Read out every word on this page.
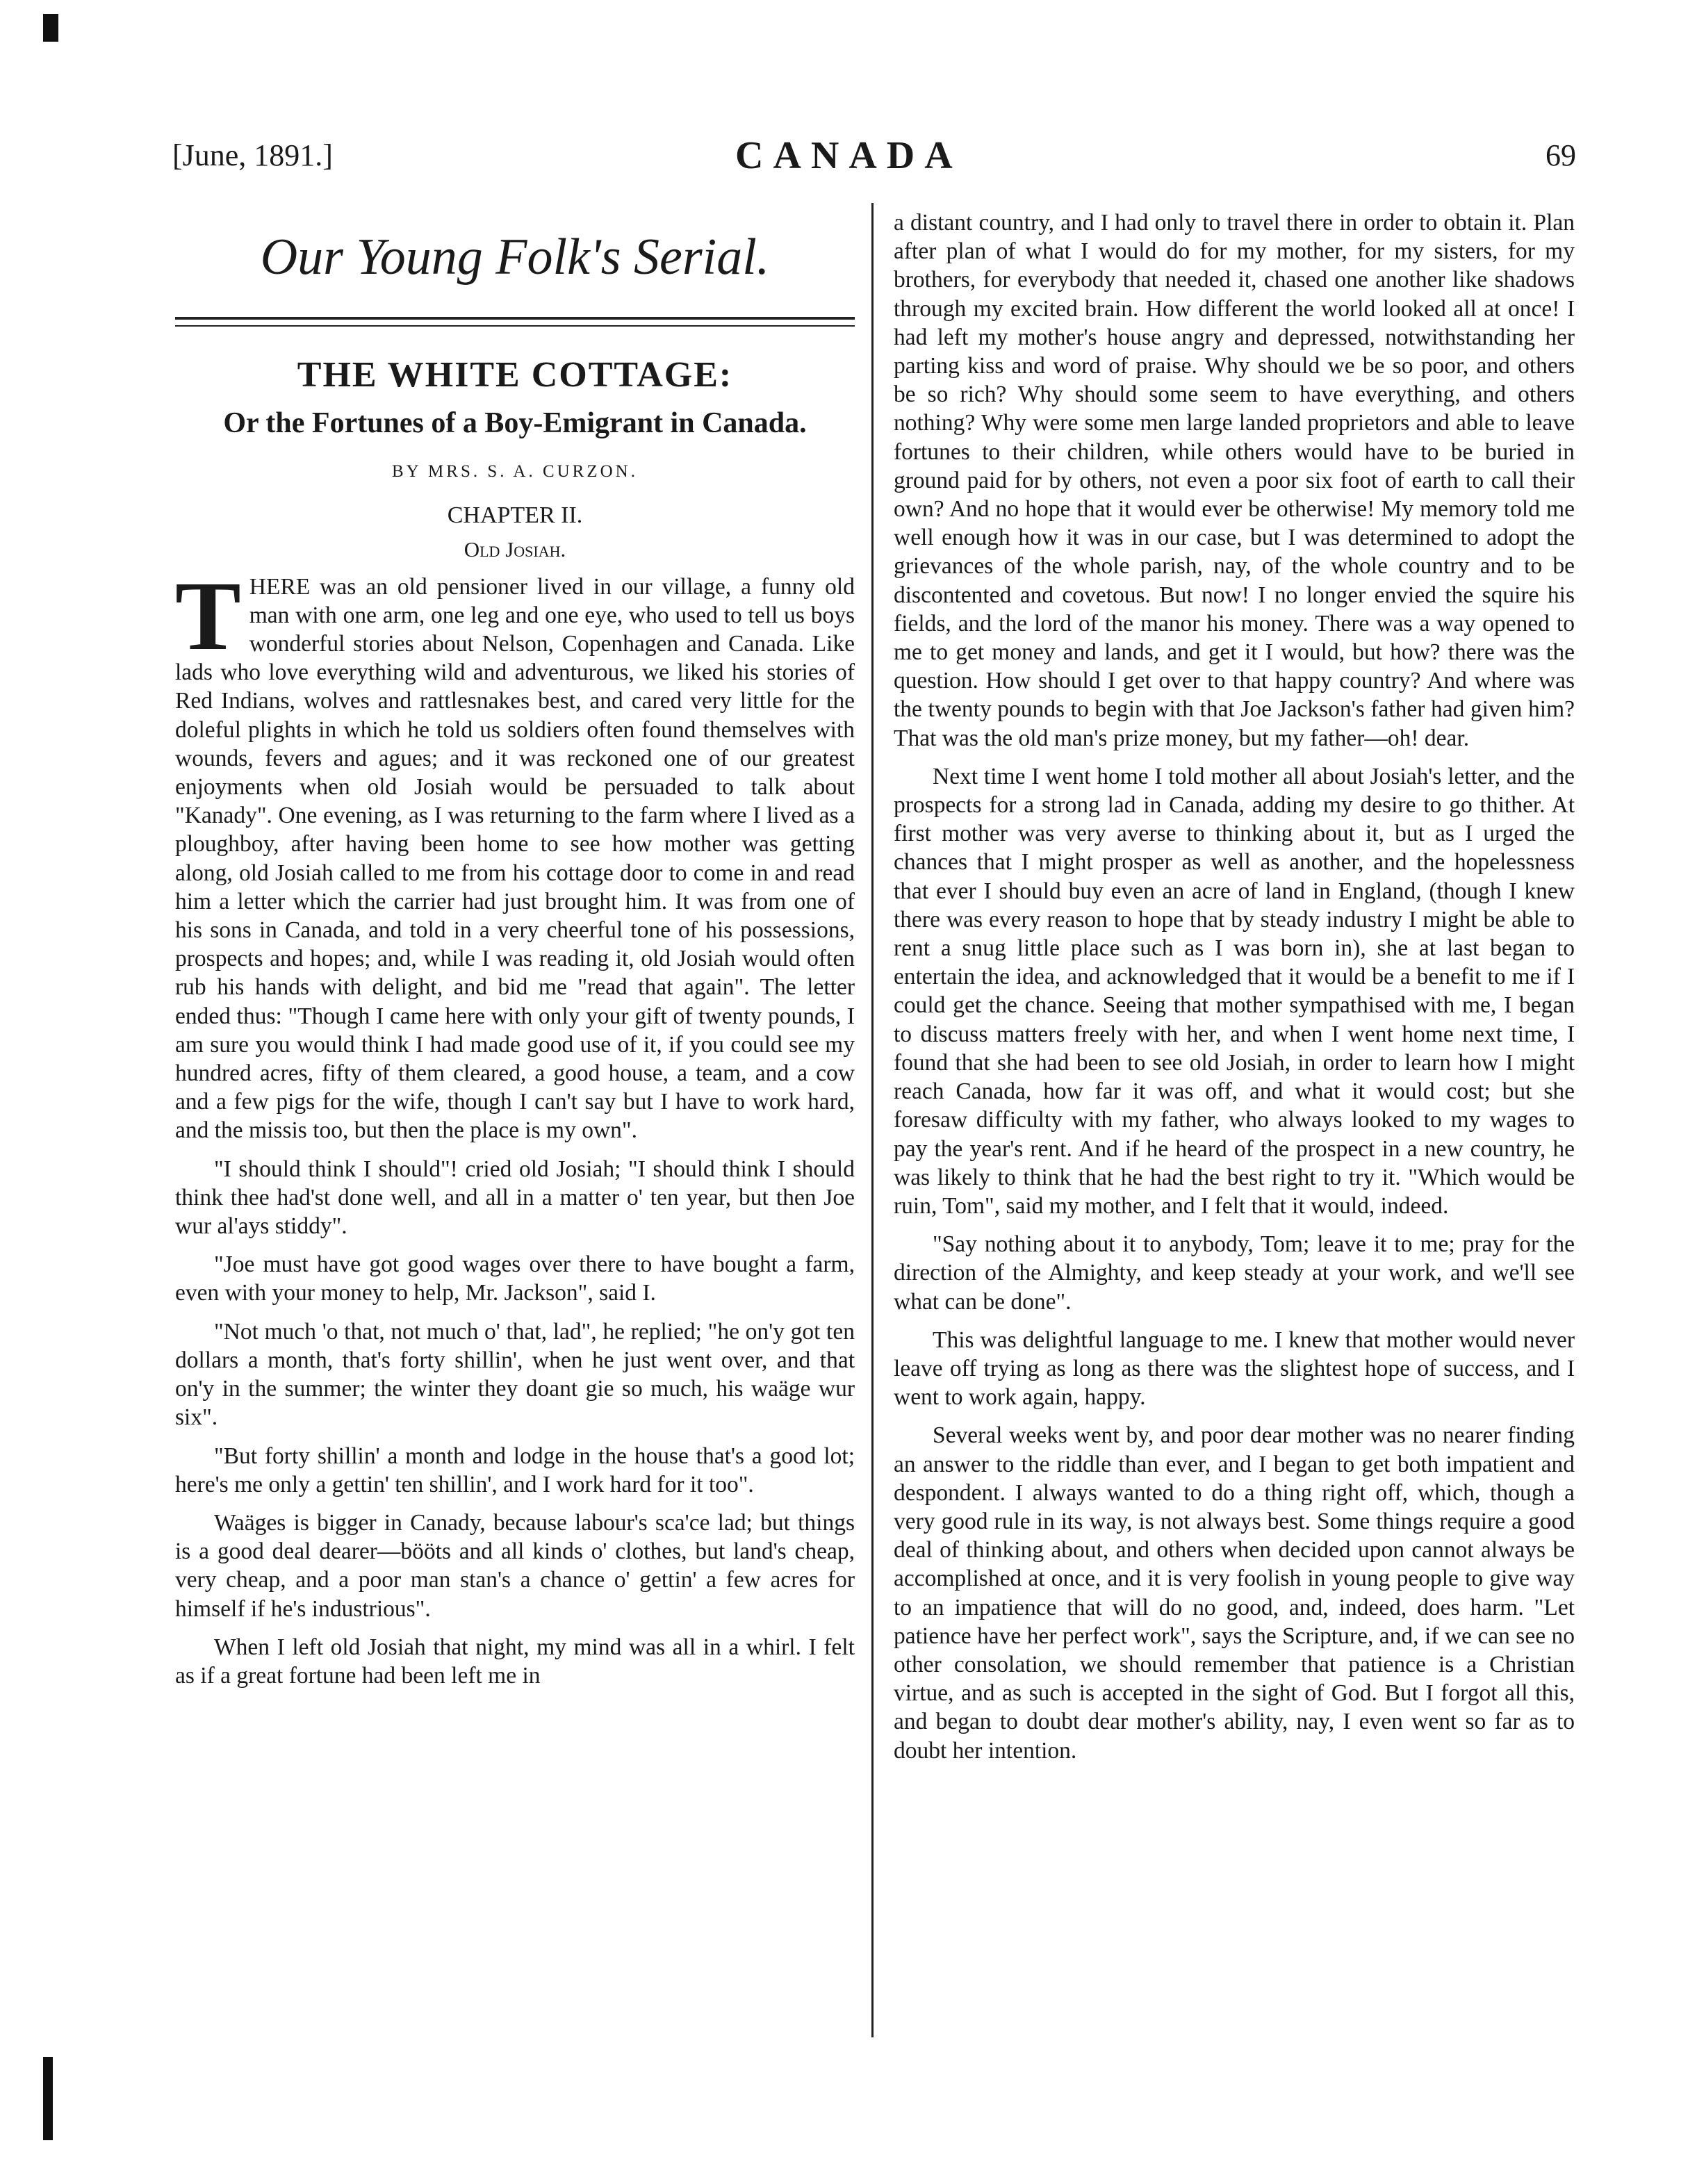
[June, 1891.]	CANADA	69
Our Young Folk's Serial.
THE WHITE COTTAGE:
Or the Fortunes of a Boy-Emigrant in Canada.
BY MRS. S. A. CURZON.
CHAPTER II.
Old Josiah.

THERE was an old pensioner lived in our village, a funny old man with one arm, one leg and one eye, who used to tell us boys wonderful stories about Nelson, Copenhagen and Canada. Like lads who love everything wild and adventurous, we liked his stories of Red Indians, wolves and rattlesnakes best, and cared very little for the doleful plights in which he told us soldiers often found themselves with wounds, fevers and agues; and it was reckoned one of our greatest enjoyments when old Josiah would be persuaded to talk about "Kanady". One evening, as I was returning to the farm where I lived as a ploughboy, after having been home to see how mother was getting along, old Josiah called to me from his cottage door to come in and read him a letter which the carrier had just brought him. It was from one of his sons in Canada, and told in a very cheerful tone of his possessions, prospects and hopes; and, while I was reading it, old Josiah would often rub his hands with delight, and bid me "read that again". The letter ended thus: "Though I came here with only your gift of twenty pounds, I am sure you would think I had made good use of it, if you could see my hundred acres, fifty of them cleared, a good house, a team, and a cow and a few pigs for the wife, though I can't say but I have to work hard, and the missis too, but then the place is my own".

"I should think I should"! cried old Josiah; "I should think I should think thee had'st done well, and all in a matter o' ten year, but then Joe wur al'ays stiddy".

"Joe must have got good wages over there to have bought a farm, even with your money to help, Mr. Jackson", said I.

"Not much 'o that, not much o' that, lad", he replied; "he on'y got ten dollars a month, that's forty shillin', when he just went over, and that on'y in the summer; the winter they doant gie so much, his waäge wur six".

"But forty shillin' a month and lodge in the house that's a good lot; here's me only a gettin' ten shillin', and I work hard for it too".

Waäges is bigger in Canady, because labour's sca'ce lad; but things is a good deal dearer—bööts and all kinds o' clothes, but land's cheap, very cheap, and a poor man stan's a chance o' gettin' a few acres for himself if he's industrious".

When I left old Josiah that night, my mind was all in a whirl. I felt as if a great fortune had been left me in

a distant country, and I had only to travel there in order to obtain it. Plan after plan of what I would do for my mother, for my sisters, for my brothers, for everybody that needed it, chased one another like shadows through my excited brain. How different the world looked all at once! I had left my mother's house angry and depressed, notwithstanding her parting kiss and word of praise. Why should we be so poor, and others be so rich? Why should some seem to have everything, and others nothing? Why were some men large landed proprietors and able to leave fortunes to their children, while others would have to be buried in ground paid for by others, not even a poor six foot of earth to call their own? And no hope that it would ever be otherwise! My memory told me well enough how it was in our case, but I was determined to adopt the grievances of the whole parish, nay, of the whole country and to be discontented and covetous. But now! I no longer envied the squire his fields, and the lord of the manor his money. There was a way opened to me to get money and lands, and get it I would, but how? there was the question. How should I get over to that happy country? And where was the twenty pounds to begin with that Joe Jackson's father had given him? That was the old man's prize money, but my father—oh! dear.

Next time I went home I told mother all about Josiah's letter, and the prospects for a strong lad in Canada, adding my desire to go thither. At first mother was very averse to thinking about it, but as I urged the chances that I might prosper as well as another, and the hopelessness that ever I should buy even an acre of land in England, (though I knew there was every reason to hope that by steady industry I might be able to rent a snug little place such as I was born in), she at last began to entertain the idea, and acknowledged that it would be a benefit to me if I could get the chance. Seeing that mother sympathised with me, I began to discuss matters freely with her, and when I went home next time, I found that she had been to see old Josiah, in order to learn how I might reach Canada, how far it was off, and what it would cost; but she foresaw difficulty with my father, who always looked to my wages to pay the year's rent. And if he heard of the prospect in a new country, he was likely to think that he had the best right to try it. "Which would be ruin, Tom", said my mother, and I felt that it would, indeed.

"Say nothing about it to anybody, Tom; leave it to me; pray for the direction of the Almighty, and keep steady at your work, and we'll see what can be done".

This was delightful language to me. I knew that mother would never leave off trying as long as there was the slightest hope of success, and I went to work again, happy.

Several weeks went by, and poor dear mother was no nearer finding an answer to the riddle than ever, and I began to get both impatient and despondent. I always wanted to do a thing right off, which, though a very good rule in its way, is not always best. Some things require a good deal of thinking about, and others when decided upon cannot always be accomplished at once, and it is very foolish in young people to give way to an impatience that will do no good, and, indeed, does harm. "Let patience have her perfect work", says the Scripture, and, if we can see no other consolation, we should remember that patience is a Christian virtue, and as such is accepted in the sight of God. But I forgot all this, and began to doubt dear mother's ability, nay, I even went so far as to doubt her intention.
